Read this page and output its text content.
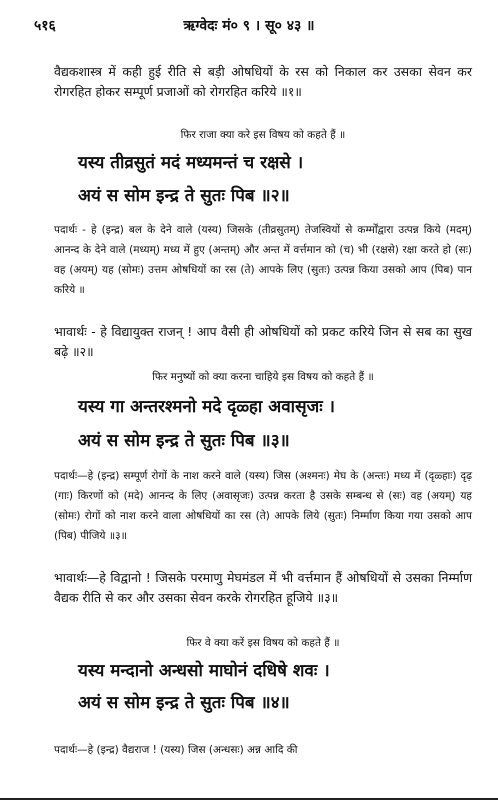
५१६	ऋग्वेदः मं० ९ । सू० ४३ ॥
वैद्यकशास्त्र में कही हुई रीति से बड़ी ओषधियों के रस को निकाल कर उसका सेवन कर रोगरहित होकर सम्पूर्ण प्रजाओं को रोगरहित करिये ॥१॥
फिर राजा क्या करे इस विषय को कहते हैं ॥
यस्य तीव्रसुतं मदं मध्यमन्तं च रक्षसे ।
अयं स सोम इन्द्र ते सुतः पिब ॥२॥
पदार्थः - हे (इन्द्र) बल के देने वाले (यस्य) जिसके (तीव्रसुतम्) तेजस्वियों से कर्म्मोंद्वारा उत्पन्न किये (मदम्) आनन्द के देने वाले (मध्यम्) मध्य में हुए (अन्तम्) और अन्त में वर्त्तमान को (च) भी (रक्षसे) रक्षा करते हो (सः) वह (अयम्) यह (सोमः) उत्तम ओषधियों का रस (ते) आपके लिए (सुतः) उत्पन्न किया उसको आप (पिब) पान करिये ॥
भावार्थः - हे विद्यायुक्त राजन् ! आप वैसी ही ओषधियों को प्रकट करिये जिन से सब का सुख बढ़े ॥२॥
फिर मनुष्यों को क्या करना चाहिये इस विषय को कहते हैं ॥
यस्य गा अन्तरश्मनो मदे दृळ्हा अवासृजः ।
अयं स सोम इन्द्र ते सुतः पिब ॥३॥
पदार्थः—हे (इन्द्र) सम्पूर्ण रोगों के नाश करने वाले (यस्य) जिस (अश्मनः) मेघ के (अन्तः) मध्य में (दृळ्हाः) दृढ़ (गाः) किरणों को (मदे) आनन्द के लिए (अवासृजः) उत्पन्न करता है उसके सम्बन्ध से (सः) वह (अयम्) यह (सोमः) रोगों को नाश करने वाला ओषधियों का रस (ते) आपके लिये (सुतः) निर्म्माण किया गया उसको आप (पिब) पीजिये ॥३॥
भावार्थः—हे विद्वानो ! जिसके परमाणु मेघमंडल में भी वर्त्तमान हैं ओषधियों से उसका निर्म्माण वैद्यक रीति से कर और उसका सेवन करके रोगरहित हूजिये ॥३॥
फिर वे क्या करें इस विषय को कहते हैं ॥
यस्य मन्दानो अन्धसो माघोनं दधिषे शवः ।
अयं स सोम इन्द्र ते सुतः पिब ॥४॥
पदार्थः—हे (इन्द्र) वैद्यराज ! (यस्य) जिस (अन्धसः) अन्न आदि की
